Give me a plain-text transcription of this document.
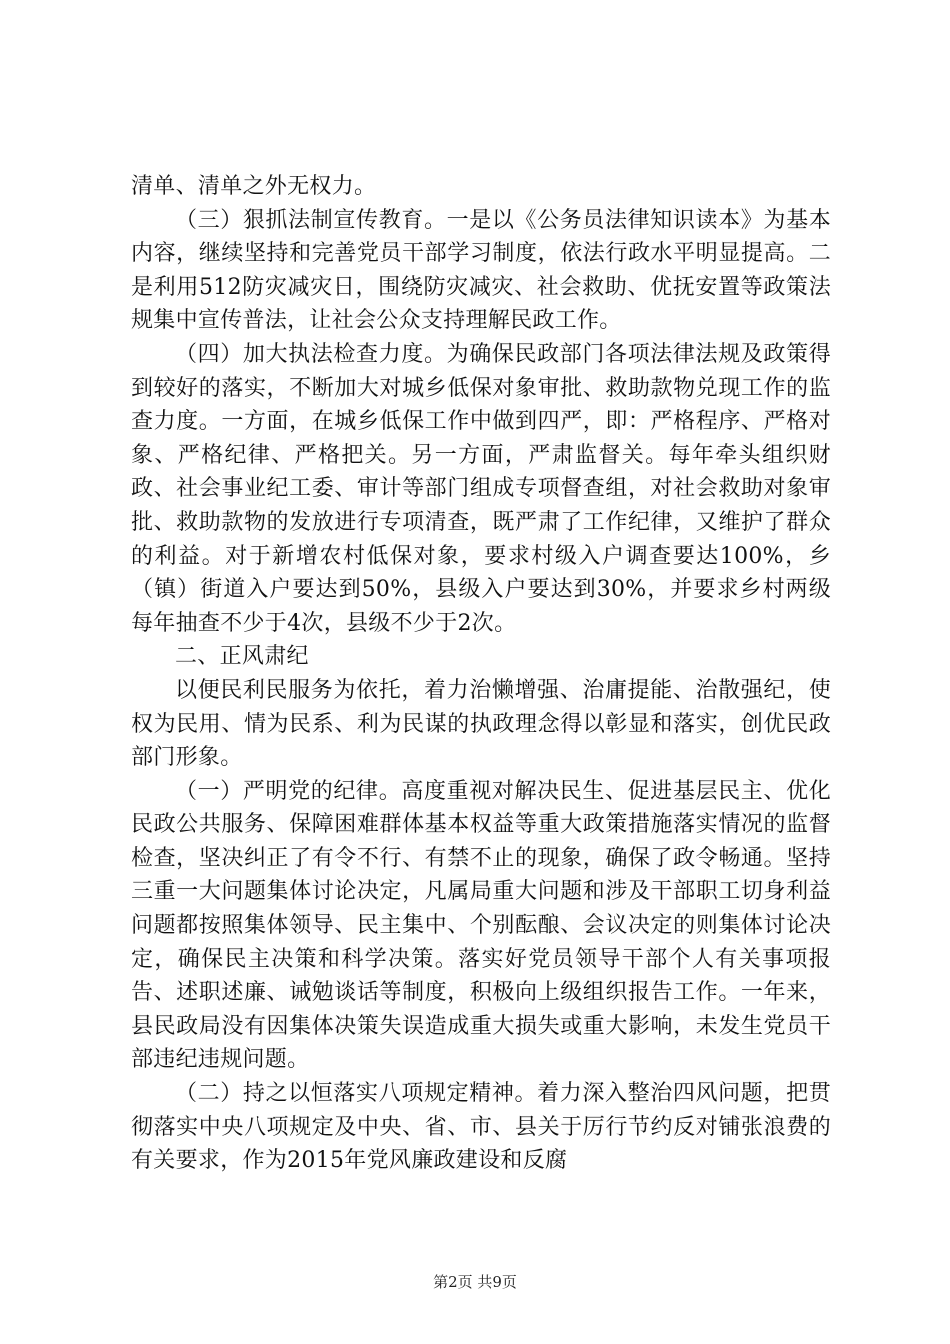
清单、清单之外无权力。

（三）狠抓法制宣传教育。一是以《公务员法律知识读本》为基本内容，继续坚持和完善党员干部学习制度，依法行政水平明显提高。二是利用512防灾减灾日，围绕防灾减灾、社会救助、优抚安置等政策法规集中宣传普法，让社会公众支持理解民政工作。

（四）加大执法检查力度。为确保民政部门各项法律法规及政策得到较好的落实，不断加大对城乡低保对象审批、救助款物兑现工作的监查力度。一方面，在城乡低保工作中做到四严，即：严格程序、严格对象、严格纪律、严格把关。另一方面，严肃监督关。每年牵头组织财政、社会事业纪工委、审计等部门组成专项督查组，对社会救助对象审批、救助款物的发放进行专项清查，既严肃了工作纪律，又维护了群众的利益。对于新增农村低保对象，要求村级入户调查要达100%，乡（镇）街道入户要达到50%，县级入户要达到30%，并要求乡村两级每年抽查不少于4次，县级不少于2次。

二、正风肃纪

以便民利民服务为依托，着力治懒增强、治庸提能、治散强纪，使权为民用、情为民系、利为民谋的执政理念得以彰显和落实，创优民政部门形象。

（一）严明党的纪律。高度重视对解决民生、促进基层民主、优化民政公共服务、保障困难群体基本权益等重大政策措施落实情况的监督检查，坚决纠正了有令不行、有禁不止的现象，确保了政令畅通。坚持三重一大问题集体讨论决定，凡属局重大问题和涉及干部职工切身利益问题都按照集体领导、民主集中、个别酝酿、会议决定的则集体讨论决定，确保民主决策和科学决策。落实好党员领导干部个人有关事项报告、述职述廉、诫勉谈话等制度，积极向上级组织报告工作。一年来，县民政局没有因集体决策失误造成重大损失或重大影响，未发生党员干部违纪违规问题。

（二）持之以恒落实八项规定精神。着力深入整治四风问题，把贯彻落实中央八项规定及中央、省、市、县关于厉行节约反对铺张浪费的有关要求，作为2015年党风廉政建设和反腐

第2页 共9页
